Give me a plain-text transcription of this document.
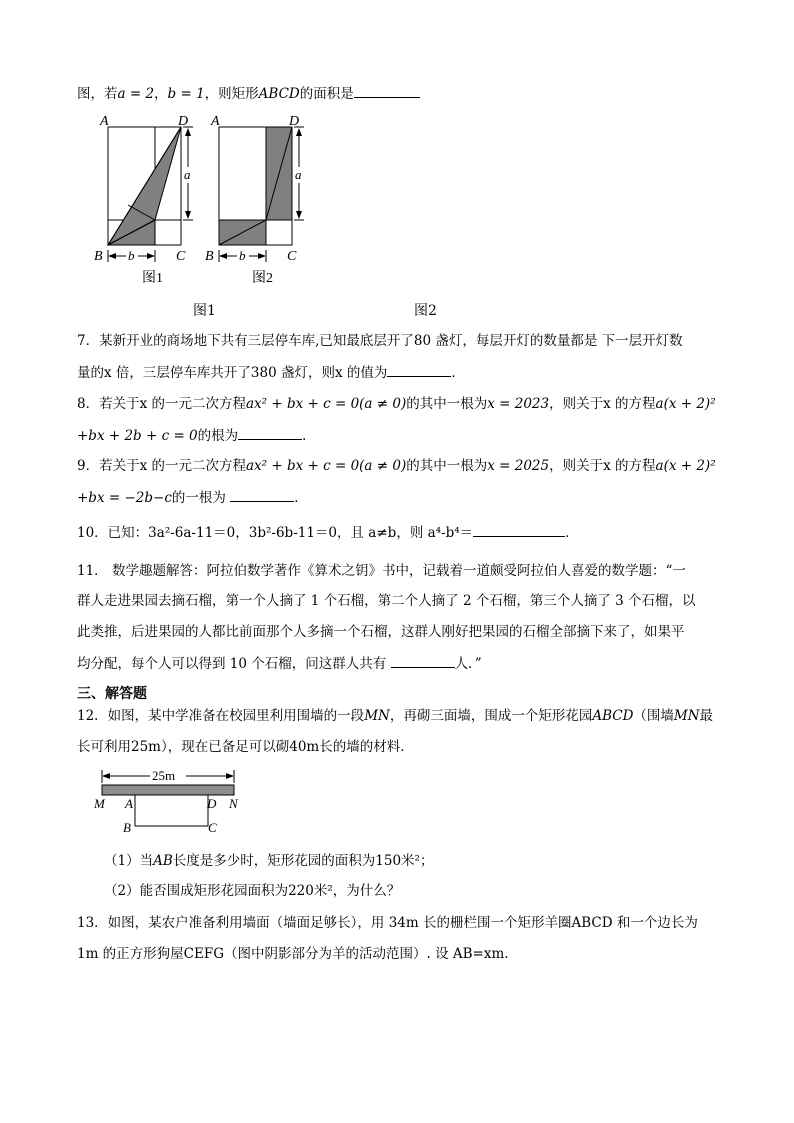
图，若a = 2，b = 1，则矩形ABCD的面积是
A	D
B	C
a
b
图1
A	D
B	C
a
b
图2
图1	图2
7．某新开业的商场地下共有三层停车库,已知最底层开了80 盏灯，每层开灯的数量都是 下一层开灯数
量的x 倍，三层停车库共开了380 盏灯，则x 的值为	．
8．若关于x 的一元二次方程ax² + bx + c = 0(a ≠ 0)的其中一根为x = 2023，则关于x 的方程a(x + 2)²
+bx + 2b + c = 0的根为	．
9．若关于x 的一元二次方程ax² + bx + c = 0(a ≠ 0)的其中一根为x = 2025，则关于x 的方程a(x + 2)²
+bx = −2b−c的一根为	．
10．已知：3a²-6a-11＝0，3b²-6b-11＝0，且 a≠b，则 a⁴-b⁴＝	．
11． 数学趣题解答：阿拉伯数学著作《算术之钥》书中，记载着一道颇受阿拉伯人喜爱的数学题：“一
群人走进果园去摘石榴，第一个人摘了 1 个石榴，第二个人摘了 2 个石榴，第三个人摘了 3 个石榴，以
此类推，后进果园的人都比前面那个人多摘一个石榴，这群人刚好把果园的石榴全部摘下来了，如果平
均分配，每个人可以得到 10 个石榴，问这群人共有	人．”
三、解答题
12．如图，某中学准备在校园里利用围墙的一段MN，再砌三面墙，围成一个矩形花园ABCD（围墙MN最
长可利用25m），现在已备足可以砌40m长的墙的材料．
25m
M A	D N
B	C
（1）当AB长度是多少时，矩形花园的面积为150米²；
（2）能否围成矩形花园面积为220米²，为什么？
13．如图，某农户准备利用墙面（墙面足够长），用 34m 长的栅栏围一个矩形羊圈ABCD 和一个边长为
1m 的正方形狗屋CEFG（图中阴影部分为羊的活动范围）. 设 AB=xm.
